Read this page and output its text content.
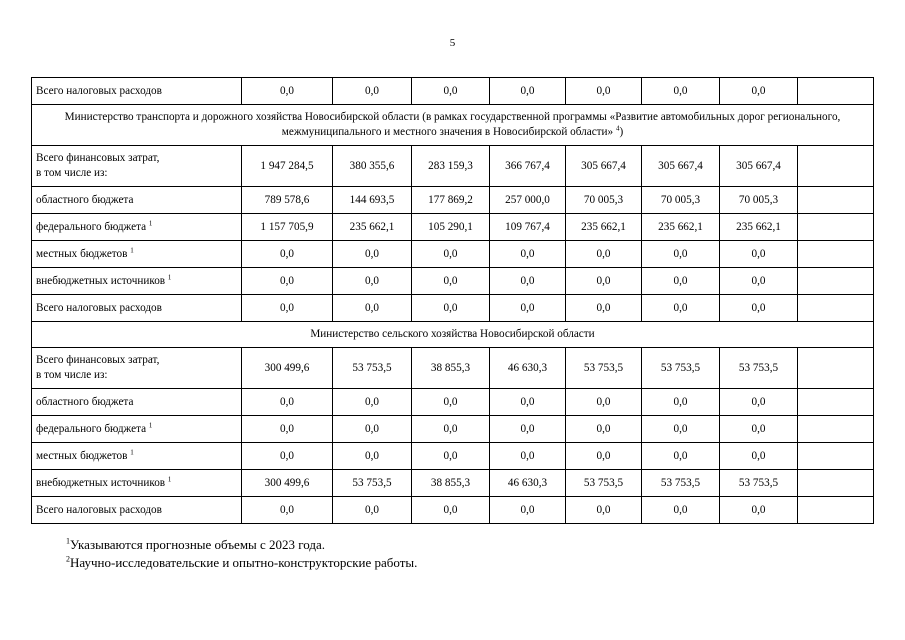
5
Всего налоговых расходов	0,0	0,0	0,0	0,0	0,0	0,0	0,0	
Министерство транспорта и дорожного хозяйства Новосибирской области (в рамках государственной программы «Развитие автомобильных дорог регионального, межмуниципального и местного значения в Новосибирской области» $^4$)								

Всего финансовых затрат,
в том числе из:	1 947 284,5	380 355,6	283 159,3	366 767,4	305 667,4	305 667,4	305 667,4	
областного бюджета	789 578,6	144 693,5	177 869,2	257 000,0	70 005,3	70 005,3	70 005,3	
федерального бюджета $^1$	1 157 705,9	235 662,1	105 290,1	109 767,4	235 662,1	235 662,1	235 662,1	
местных бюджетов $^1$	0,0	0,0	0,0	0,0	0,0	0,0	0,0	
внебюджетных источников $^1$	0,0	0,0	0,0	0,0	0,0	0,0	0,0	
Всего налоговых расходов	0,0	0,0	0,0	0,0	0,0	0,0	0,0	
Министерство сельского хозяйства Новосибирской области								

Всего финансовых затрат,
в том числе из:	300 499,6	53 753,5	38 855,3	46 630,3	53 753,5	53 753,5	53 753,5	
областного бюджета	0,0	0,0	0,0	0,0	0,0	0,0	0,0	
федерального бюджета $^1$	0,0	0,0	0,0	0,0	0,0	0,0	0,0	
местных бюджетов $^1$	0,0	0,0	0,0	0,0	0,0	0,0	0,0	
внебюджетных источников $^1$	300 499,6	53 753,5	38 855,3	46 630,3	53 753,5	53 753,5	53 753,5	
Всего налоговых расходов	0,0	0,0	0,0	0,0	0,0	0,0	0,0	
$^1$Указываются прогнозные объемы с 2023 года.
$^2$Научно-исследовательские и опытно-конструкторские работы.
